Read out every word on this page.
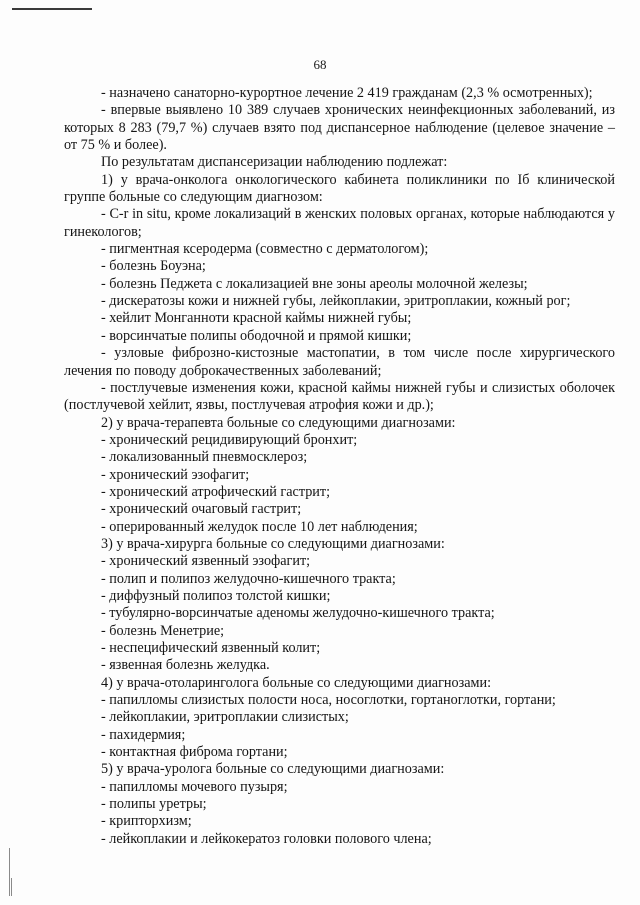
68

- назначено санаторно-курортное лечение 2 419 гражданам (2,3 % осмотренных);

- впервые выявлено 10 389 случаев хронических неинфекционных заболеваний, из которых 8 283 (79,7 %) случаев взято под диспансерное наблюдение (целевое значение – от 75 % и более).

По результатам диспансеризации наблюдению подлежат:

1) у врача-онколога онкологического кабинета поликлиники по Iб клинической группе больные со следующим диагнозом:

- C-r in situ, кроме локализаций в женских половых органах, которые наблюдаются у гинекологов;

- пигментная ксеродерма (совместно с дерматологом);

- болезнь Боуэна;

- болезнь Педжета с локализацией вне зоны ареолы молочной железы;

- дискератозы кожи и нижней губы, лейкоплакии, эритроплакии, кожный рог;

- хейлит Монганноти красной каймы нижней губы;

- ворсинчатые полипы ободочной и прямой кишки;

- узловые фиброзно-кистозные мастопатии, в том числе после хирургического лечения по поводу доброкачественных заболеваний;

- постлучевые изменения кожи, красной каймы нижней губы и слизистых оболочек (постлучевой хейлит, язвы, постлучевая атрофия кожи и др.);

2) у врача-терапевта больные со следующими диагнозами:

- хронический рецидивирующий бронхит;

- локализованный пневмосклероз;

- хронический эзофагит;

- хронический атрофический гастрит;

- хронический очаговый гастрит;

- оперированный желудок после 10 лет наблюдения;

3) у врача-хирурга больные со следующими диагнозами:

- хронический язвенный эзофагит;

- полип и полипоз желудочно-кишечного тракта;

- диффузный полипоз толстой кишки;

- тубулярно-ворсинчатые аденомы желудочно-кишечного тракта;

- болезнь Менетрие;

- неспецифический язвенный колит;

- язвенная болезнь желудка.

4) у врача-отоларинголога больные со следующими диагнозами:

- папилломы слизистых полости носа, носоглотки, гортаноглотки, гортани;

- лейкоплакии, эритроплакии слизистых;

- пахидермия;

- контактная фиброма гортани;

5) у врача-уролога больные со следующими диагнозами:

- папилломы мочевого пузыря;

- полипы уретры;

- крипторхизм;

- лейкоплакии и лейкокератоз головки полового члена;
